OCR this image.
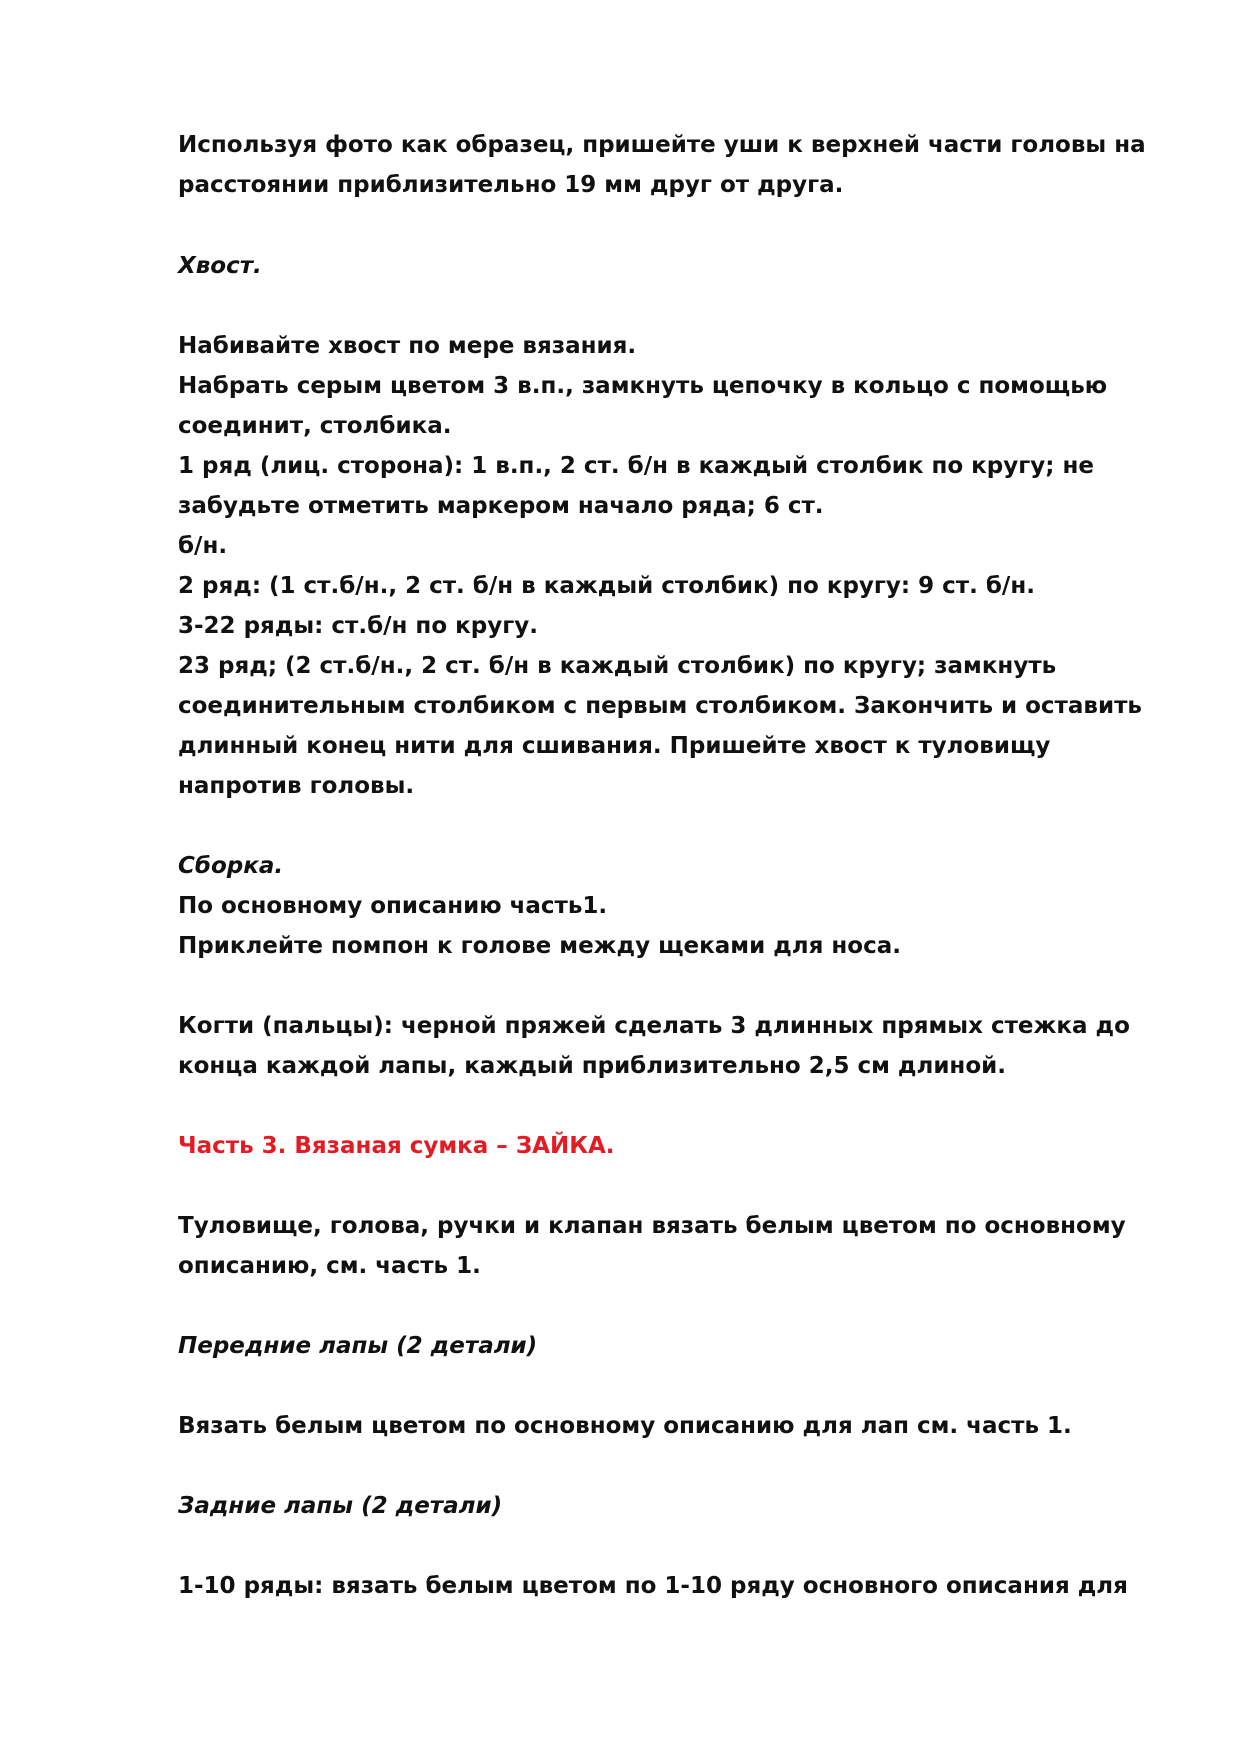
Используя фото как образец, пришейте уши к верхней части головы на
расстоянии приблизительно 19 мм друг от друга.
Хвост.
Набивайте хвост по мере вязания.
Набрать серым цветом 3 в.п., замкнуть цепочку в кольцо с помощью
соединит, столбика.
1 ряд (лиц. сторона): 1 в.п., 2 ст. б/н в каждый столбик по кругу; не
забудьте отметить маркером начало ряда; 6 ст.
б/н.
2 ряд: (1 ст.б/н., 2 ст. б/н в каждый столбик) по кругу: 9 ст. б/н.
3-22 ряды: ст.б/н по кругу.
23 ряд; (2 ст.б/н., 2 ст. б/н в каждый столбик) по кругу; замкнуть
соединительным столбиком с первым столбиком. Закончить и оставить
длинный конец нити для сшивания. Пришейте хвост к туловищу
напротив головы.
Сборка.
По основному описанию часть1.
Приклейте помпон к голове между щеками для носа.
Когти (пальцы): черной пряжей сделать 3 длинных прямых стежка до
конца каждой лапы, каждый приблизительно 2,5 см длиной.
Часть 3. Вязаная сумка – ЗАЙКА.
Туловище, голова, ручки и клапан вязать белым цветом по основному
описанию, см. часть 1.
Передние лапы (2 детали)
Вязать белым цветом по основному описанию для лап см. часть 1.
Задние лапы (2 детали)
1-10 ряды: вязать белым цветом по 1-10 ряду основного описания для
